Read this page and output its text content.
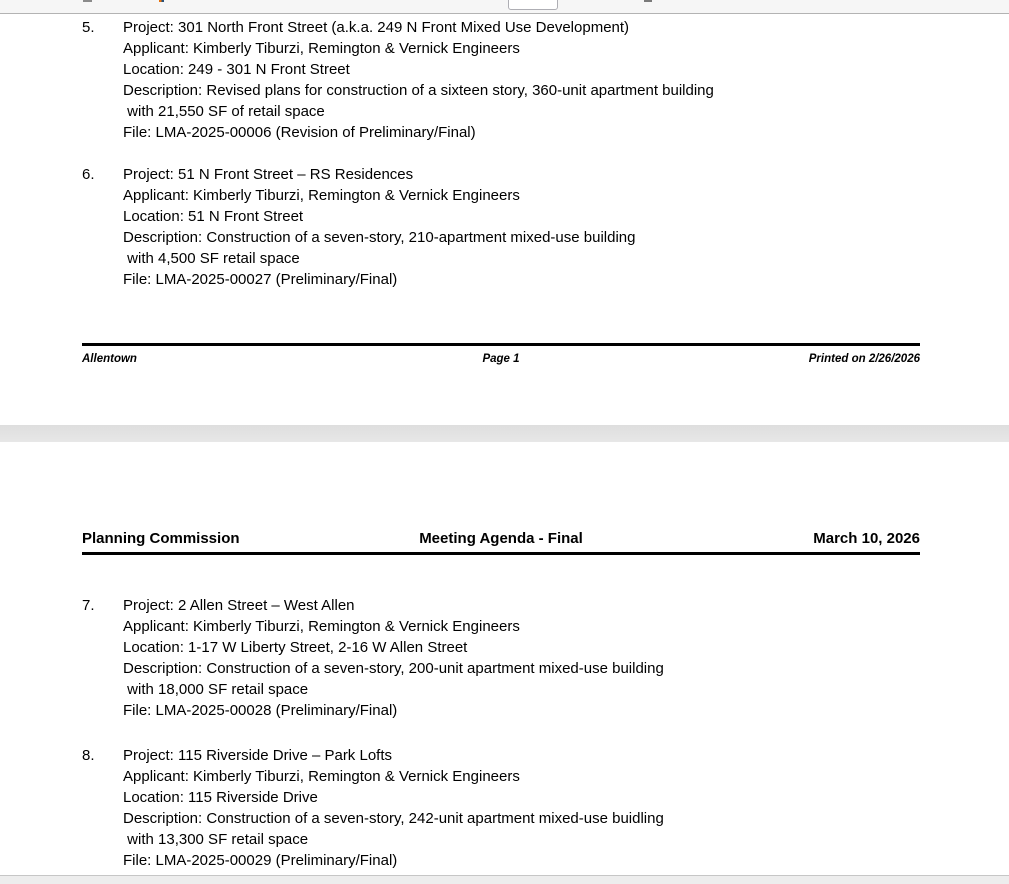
5.	Project: 301 North Front Street (a.k.a. 249 N Front Mixed Use Development)
Applicant: Kimberly Tiburzi, Remington & Vernick Engineers
Location: 249 - 301 N Front Street
Description: Revised plans for construction of a sixteen story, 360-unit apartment building
with 21,550 SF of retail space
File: LMA-2025-00006 (Revision of Preliminary/Final)
6.	Project: 51 N Front Street – RS Residences
Applicant: Kimberly Tiburzi, Remington & Vernick Engineers
Location: 51 N Front Street
Description: Construction of a seven-story, 210-apartment mixed-use building
with 4,500 SF retail space
File: LMA-2025-00027 (Preliminary/Final)
Allentown	Page 1	Printed on 2/26/2026
Planning Commission	Meeting Agenda - Final	March 10, 2026
7.	Project: 2 Allen Street – West Allen
Applicant: Kimberly Tiburzi, Remington & Vernick Engineers
Location: 1-17 W Liberty Street, 2-16 W Allen Street
Description: Construction of a seven-story, 200-unit apartment mixed-use building
with 18,000 SF retail space
File: LMA-2025-00028 (Preliminary/Final)
8.	Project: 115 Riverside Drive – Park Lofts
Applicant: Kimberly Tiburzi, Remington & Vernick Engineers
Location: 115 Riverside Drive
Description: Construction of a seven-story, 242-unit apartment mixed-use buidling
with 13,300 SF retail space
File: LMA-2025-00029 (Preliminary/Final)
